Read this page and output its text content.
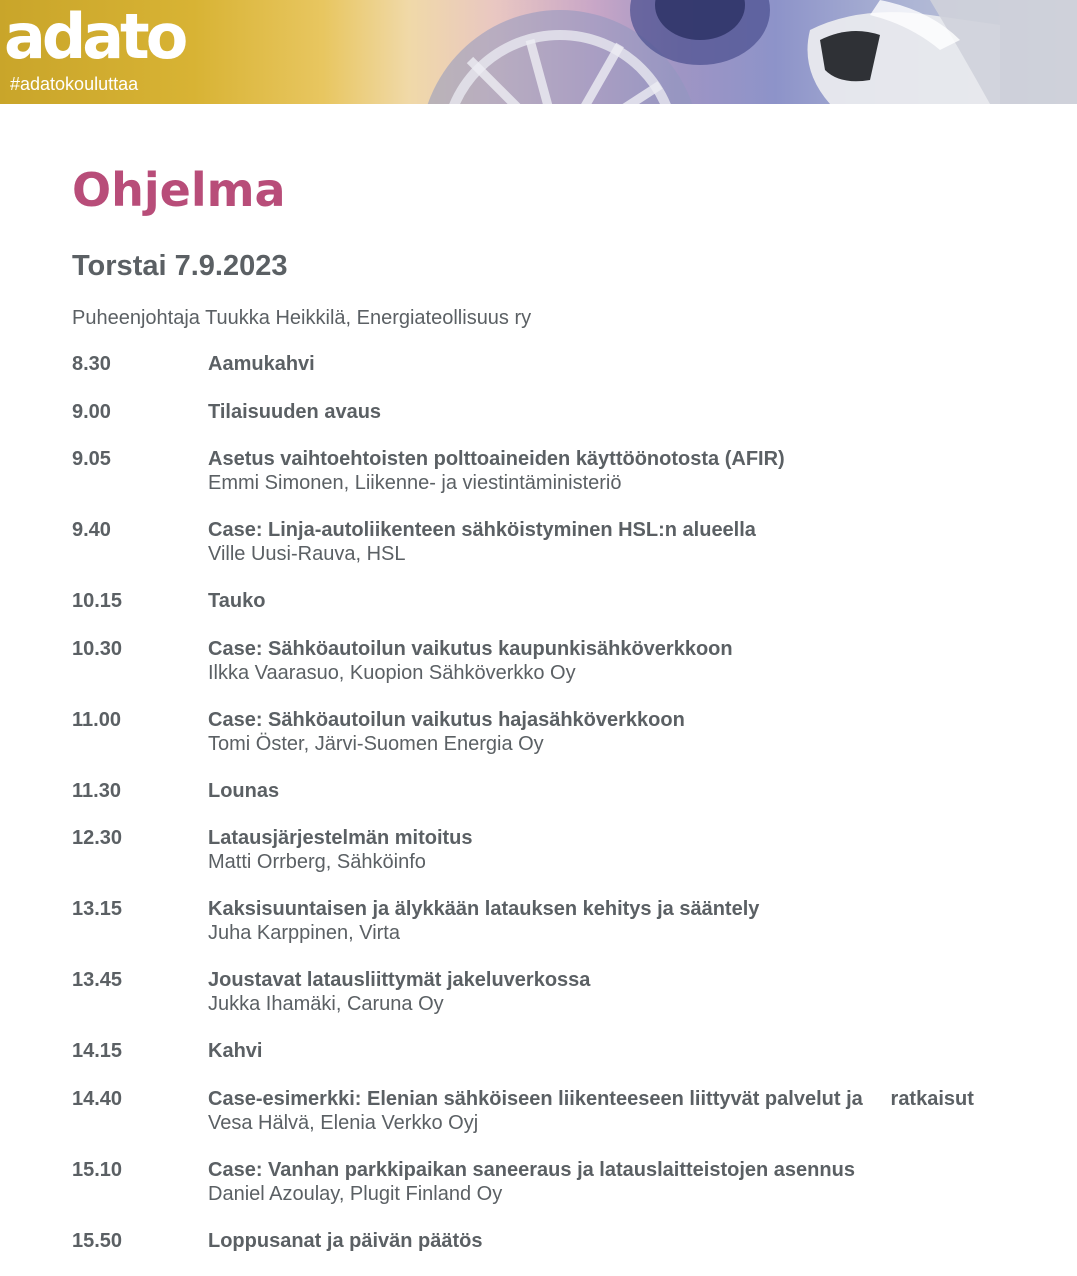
adato
#adatokouluttaa
Ohjelma
Torstai 7.9.2023
Puheenjohtaja Tuukka Heikkilä, Energiateollisuus ry
8.30	Aamukahvi
9.00	Tilaisuuden avaus
9.05	Asetus vaihtoehtoisten polttoaineiden käyttöönotosta (AFIR)
Emmi Simonen, Liikenne- ja viestintäministeriö
9.40	Case: Linja-autoliikenteen sähköistyminen HSL:n alueella
Ville Uusi-Rauva, HSL
10.15	Tauko
10.30	Case: Sähköautoilun vaikutus kaupunkisähköverkkoon
Ilkka Vaarasuo, Kuopion Sähköverkko Oy
11.00	Case: Sähköautoilun vaikutus hajasähköverkkoon
Tomi Öster, Järvi-Suomen Energia Oy
11.30	Lounas
12.30	Latausjärjestelmän mitoitus
Matti Orrberg, Sähköinfo
13.15	Kaksisuuntaisen ja älykkään latauksen kehitys ja sääntely
Juha Karppinen, Virta
13.45	Joustavat latausliittymät jakeluverkossa
Jukka Ihamäki, Caruna Oy
14.15	Kahvi
14.40	Case-esimerkki: Elenian sähköiseen liikenteeseen liittyvät palvelut ja     ratkaisut
Vesa Hälvä, Elenia Verkko Oyj
15.10	Case: Vanhan parkkipaikan saneeraus ja latauslaitteistojen asennus
Daniel Azoulay, Plugit Finland Oy
15.50	Loppusanat ja päivän päätös
